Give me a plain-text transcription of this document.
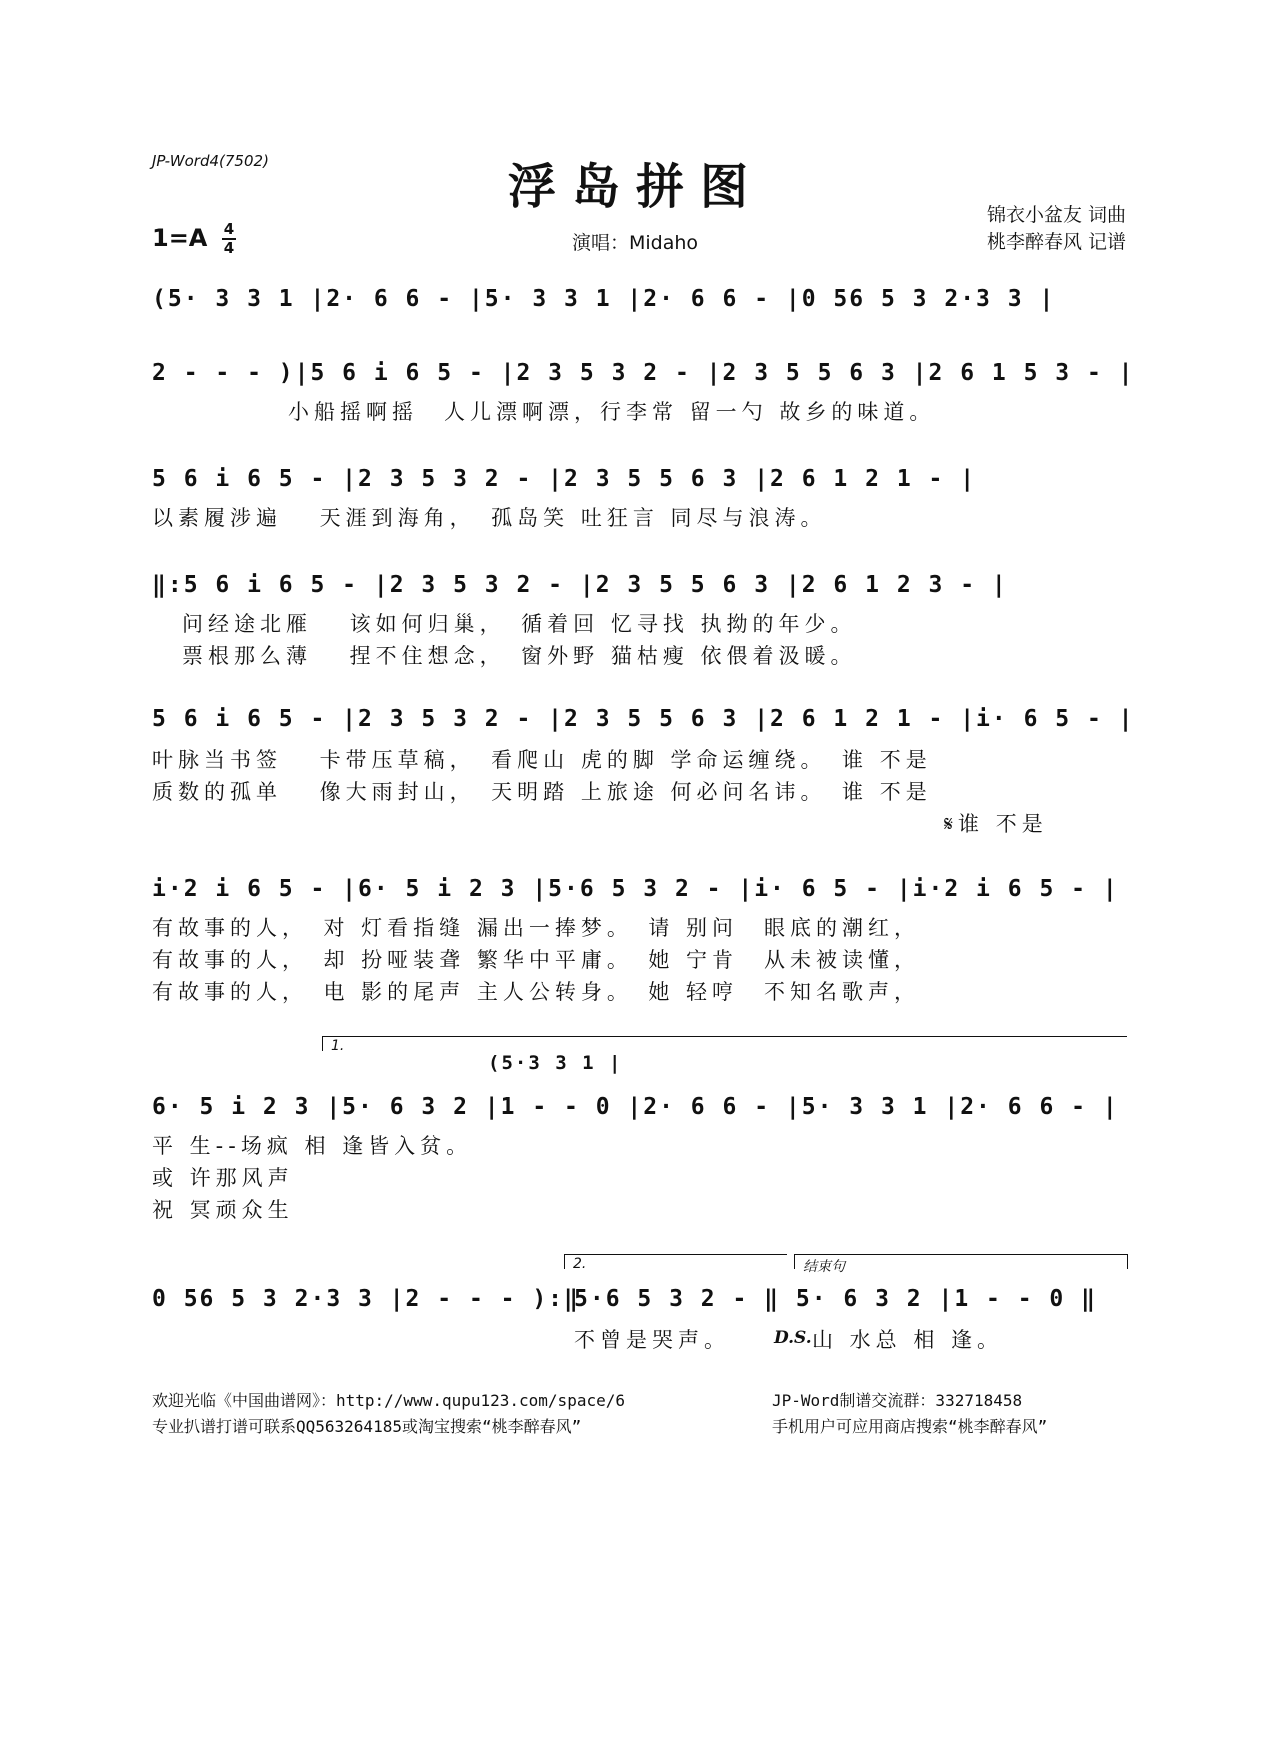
JP-Word4(7502)	浮岛拼图
1=A 4
4	演唱：Midaho
锦衣小盆友 词曲
桃李醉春风 记谱
(5· 3 3 1 |2· 6 6 - |5· 3 3 1 |2· 6 6 - |0 56 5 3 2·3 3 |
2 - - - )|5 6 i 6 5 - |2 3 5 3 2 - |2 3 5 5 6 3 |2 6 1 5 3 - |
小船摇啊摇　人儿漂啊漂，行李常 留一勺 故乡的味道。
5 6 i 6 5 - |2 3 5 3 2 - |2 3 5 5 6 3 |2 6 1 2 1 - |
以素履涉遍　 天涯到海角，　孤岛笑 吐狂言 同尽与浪涛。
‖:5 6 i 6 5 - |2 3 5 3 2 - |2 3 5 5 6 3 |2 6 1 2 3 - |
问经途北雁　 该如何归巢，　循着回 忆寻找 执拗的年少。
票根那么薄　 捏不住想念，　窗外野 猫枯瘦 依偎着汲暖。
5 6 i 6 5 - |2 3 5 3 2 - |2 3 5 5 6 3 |2 6 1 2 1 - |i· 6 5 - |
叶脉当书签　 卡带压草稿，　看爬山 虎的脚 学命运缠绕。　谁 不是
质数的孤单　 像大雨封山，　天明踏 上旅途 何必问名讳。　谁 不是
𝄋谁 不是
i·2 i 6 5 - |6· 5 i 2 3 |5·6 5 3 2 - |i· 6 5 - |i·2 i 6 5 - |
有故事的人，　对 灯看指缝 漏出一捧梦。　请 别问　眼底的潮红，
有故事的人，　却 扮哑装聋 繁华中平庸。　她 宁肯　从未被读懂，
有故事的人，　电 影的尾声 主人公转身。　她 轻哼　不知名歌声，
1.
(5·3 3 1 |
6· 5 i 2 3 |5· 6 3 2 |1 - - 0 |2· 6 6 - |5· 3 3 1 |2· 6 6 - |
平 生--场疯 相 逢皆入贫。
或 许那风声
祝 冥顽众生
2.	结束句
0 56 5 3 2·3 3 |2 - - - ):‖
5·6 5 3 2 - ‖ 5· 6 3 2 |1 - - 0 ‖
不曾是哭声。	D.S. 山 水总 相 逢。
欢迎光临《中国曲谱网》：http://www.qupu123.com/space/6
专业扒谱打谱可联系QQ563264185或淘宝搜索“桃李醉春风”
JP-Word制谱交流群：332718458
手机用户可应用商店搜索“桃李醉春风”
